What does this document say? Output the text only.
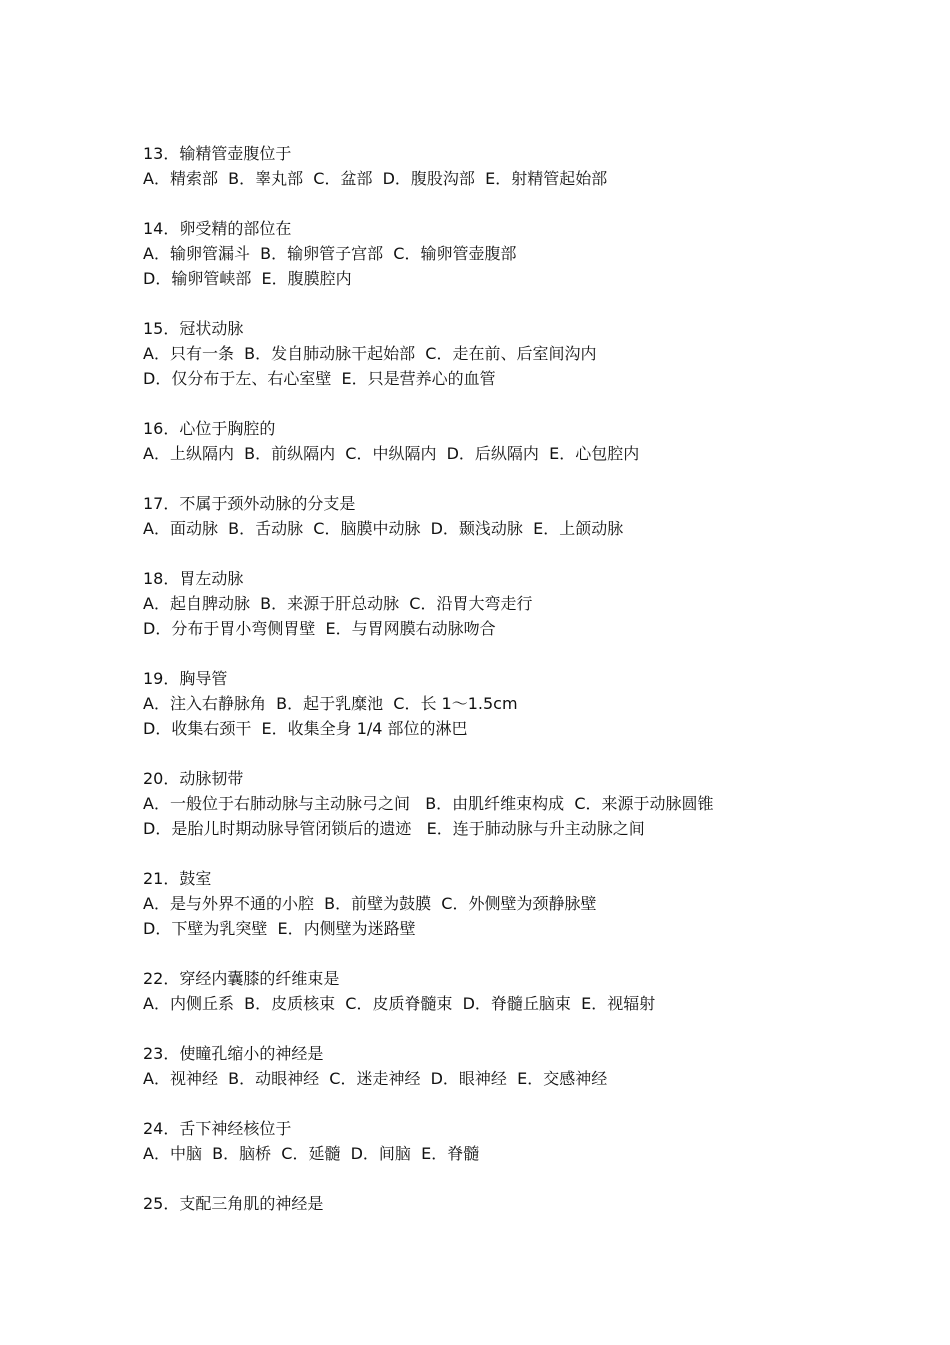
13．输精管壶腹位于
A．精索部  B．睾丸部  C．盆部  D．腹股沟部  E．射精管起始部
14．卵受精的部位在
A．输卵管漏斗  B．输卵管子宫部  C．输卵管壶腹部
D．输卵管峡部  E．腹膜腔内
15．冠状动脉
A．只有一条  B．发自肺动脉干起始部  C．走在前、后室间沟内
D．仅分布于左、右心室壁  E．只是营养心的血管
16．心位于胸腔的
A．上纵隔内  B．前纵隔内  C．中纵隔内  D．后纵隔内  E．心包腔内
17．不属于颈外动脉的分支是
A．面动脉  B．舌动脉  C．脑膜中动脉  D．颞浅动脉  E．上颌动脉
18．胃左动脉
A．起自脾动脉  B．来源于肝总动脉  C．沿胃大弯走行
D．分布于胃小弯侧胃壁  E．与胃网膜右动脉吻合
19．胸导管
A．注入右静脉角  B．起于乳糜池  C．长 1～1.5cm
D．收集右颈干  E．收集全身 1/4 部位的淋巴
20．动脉韧带
A．一般位于右肺动脉与主动脉弓之间   B．由肌纤维束构成  C．来源于动脉圆锥
D．是胎儿时期动脉导管闭锁后的遗迹   E．连于肺动脉与升主动脉之间
21．鼓室
A．是与外界不通的小腔  B．前壁为鼓膜  C．外侧壁为颈静脉壁
D．下壁为乳突壁  E．内侧壁为迷路壁
22．穿经内囊膝的纤维束是
A．内侧丘系  B．皮质核束  C．皮质脊髓束  D．脊髓丘脑束  E．视辐射
23．使瞳孔缩小的神经是
A．视神经  B．动眼神经  C．迷走神经  D．眼神经  E．交感神经
24．舌下神经核位于
A．中脑  B．脑桥  C．延髓  D．间脑  E．脊髓
25．支配三角肌的神经是
